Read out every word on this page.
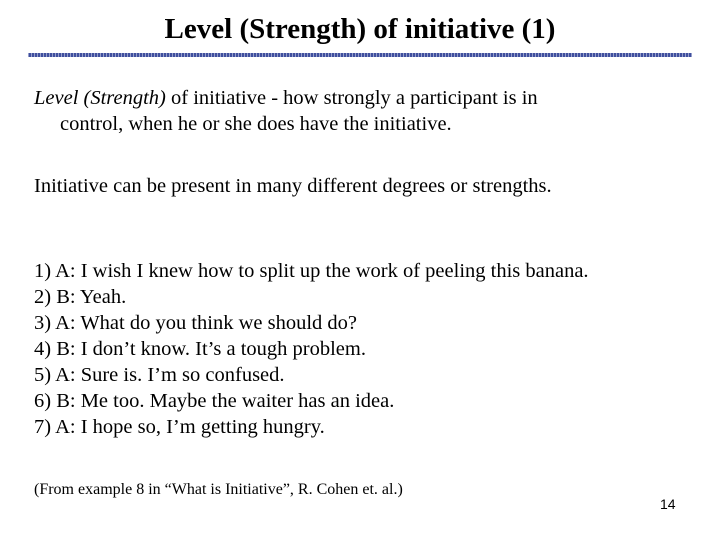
Level (Strength) of initiative (1)
Level (Strength) of initiative - how strongly a participant is in
control, when he or she does have the initiative.
Initiative can be present in many different degrees or strengths.
1) A: I wish I knew how to split up the work of peeling this banana.
2) B: Yeah.
3) A: What do you think we should do?
4) B: I don’t know. It’s a tough problem.
5) A: Sure is. I’m so confused.
6) B: Me too. Maybe the waiter has an idea.
7) A: I hope so, I’m getting hungry.
(From example 8 in “What is Initiative”, R. Cohen et. al.)
14
